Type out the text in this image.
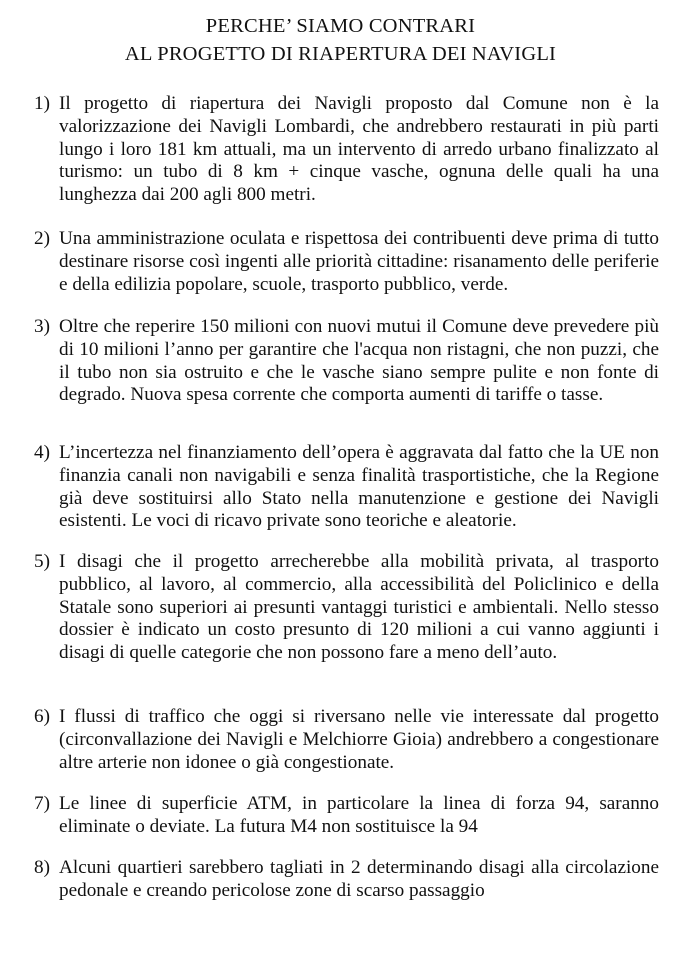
PERCHE’ SIAMO CONTRARI
AL PROGETTO DI RIAPERTURA DEI NAVIGLI
1) Il progetto di riapertura dei Navigli proposto dal Comune non è la valorizzazione dei Navigli Lombardi, che andrebbero restaurati in più parti lungo i loro 181 km attuali, ma un intervento di arredo urbano finalizzato al turismo: un tubo di 8 km + cinque vasche, ognuna delle quali ha una lunghezza dai 200 agli 800 metri.
2) Una amministrazione oculata e rispettosa dei contribuenti deve prima di tutto destinare risorse così ingenti alle priorità cittadine: risanamento delle periferie e della edilizia popolare, scuole, trasporto pubblico, verde.
3) Oltre che reperire 150 milioni con nuovi mutui il Comune deve prevedere più di 10 milioni l’anno per garantire che l'acqua non ristagni, che non puzzi, che il tubo non sia ostruito e che le vasche siano sempre pulite e non fonte di degrado. Nuova spesa corrente che comporta aumenti di tariffe o tasse.
4) L’incertezza nel finanziamento dell’opera è aggravata dal fatto che la UE non finanzia canali non navigabili e senza finalità trasportistiche, che la Regione già deve sostituirsi allo Stato nella manutenzione e gestione dei Navigli esistenti. Le voci di ricavo private sono teoriche e aleatorie.
5) I disagi che il progetto arrecherebbe alla mobilità privata, al trasporto pubblico, al lavoro, al commercio, alla accessibilità del Policlinico e della Statale sono superiori ai presunti vantaggi turistici e ambientali. Nello stesso dossier è indicato un costo presunto di 120 milioni a cui vanno aggiunti i disagi di quelle categorie che non possono fare a meno dell’auto.
6) I flussi di traffico che oggi si riversano nelle vie interessate dal progetto (circonvallazione dei Navigli e Melchiorre Gioia) andrebbero a congestionare altre arterie non idonee o già congestionate.
7) Le linee di superficie ATM, in particolare la linea di forza 94, saranno eliminate o deviate. La futura M4 non sostituisce la 94
8) Alcuni quartieri sarebbero tagliati in 2 determinando disagi alla circolazione pedonale e creando pericolose zone di scarso passaggio
